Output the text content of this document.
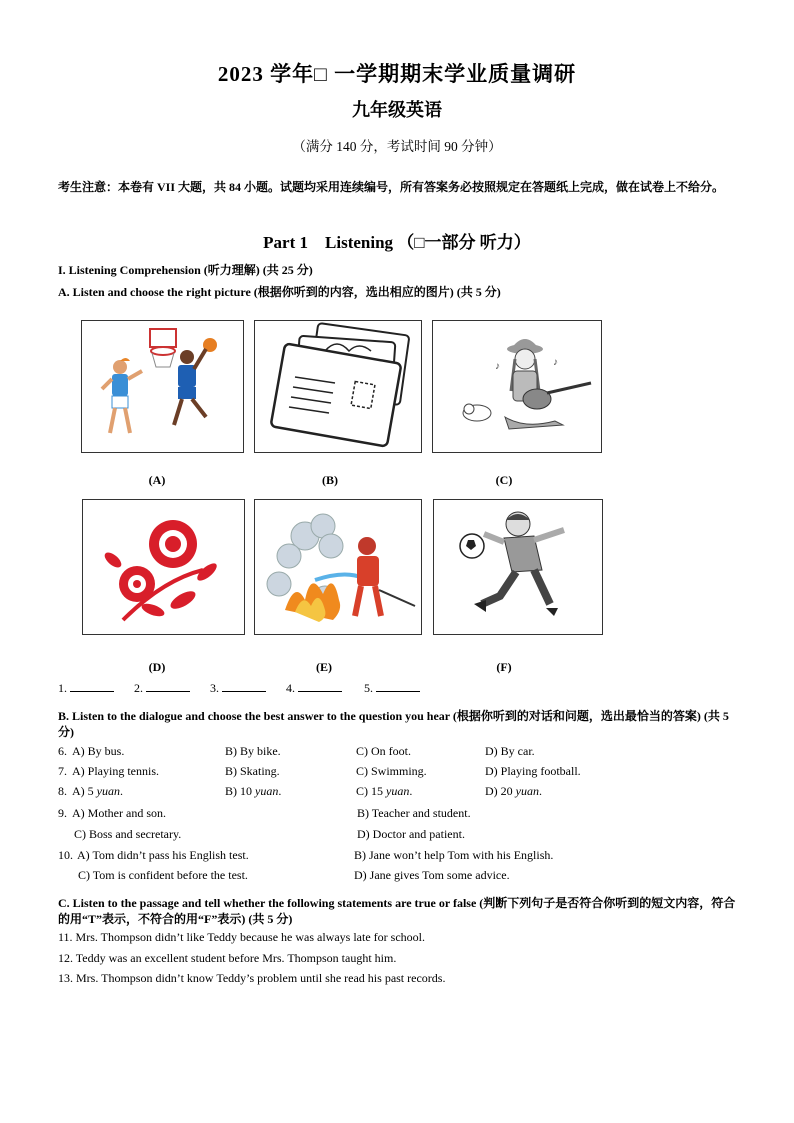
2023 学年□ 一学期期末学业质量调研
九年级英语
（满分 140 分，考试时间 90 分钟）
考生注意：本卷有 VII 大题，共 84 小题。试题均采用连续编号，所有答案务必按照规定在答题纸上完成，做在试卷上不给分。
Part 1　Listening （□一部分 听力）
I. Listening Comprehension (听力理解) (共 25 分)
A. Listen and choose the right picture (根据你听到的内容，选出相应的图片) (共 5 分)
♪
♪
(A)	(B)	(C)
(D)	(E)	(F)
1.	2.	3.	4.	5.
B. Listen to the dialogue and choose the best answer to the question you hear (根据你听到的对话和问题，选出最恰当的答案) (共 5 分)
6. A) By bus.	B) By bike.	C) On foot.	D) By car.
7. A) Playing tennis.	B) Skating.	C) Swimming.	D) Playing football.
8. A) 5 yuan.	B) 10 yuan.	C) 15 yuan.	D) 20 yuan.
9. A) Mother and son.	B) Teacher and student.
C) Boss and secretary.	D) Doctor and patient.
10. A) Tom didn’t pass his English test.	B) Jane won’t help Tom with his English.
C) Tom is confident before the test.	D) Jane gives Tom some advice.
C. Listen to the passage and tell whether the following statements are true or false (判断下列句子是否符合你听到的短文内容，符合的用“T”表示，不符合的用“F”表示) (共 5 分)
11. Mrs. Thompson didn’t like Teddy because he was always late for school.
12. Teddy was an excellent student before Mrs. Thompson taught him.
13. Mrs. Thompson didn’t know Teddy’s problem until she read his past records.
